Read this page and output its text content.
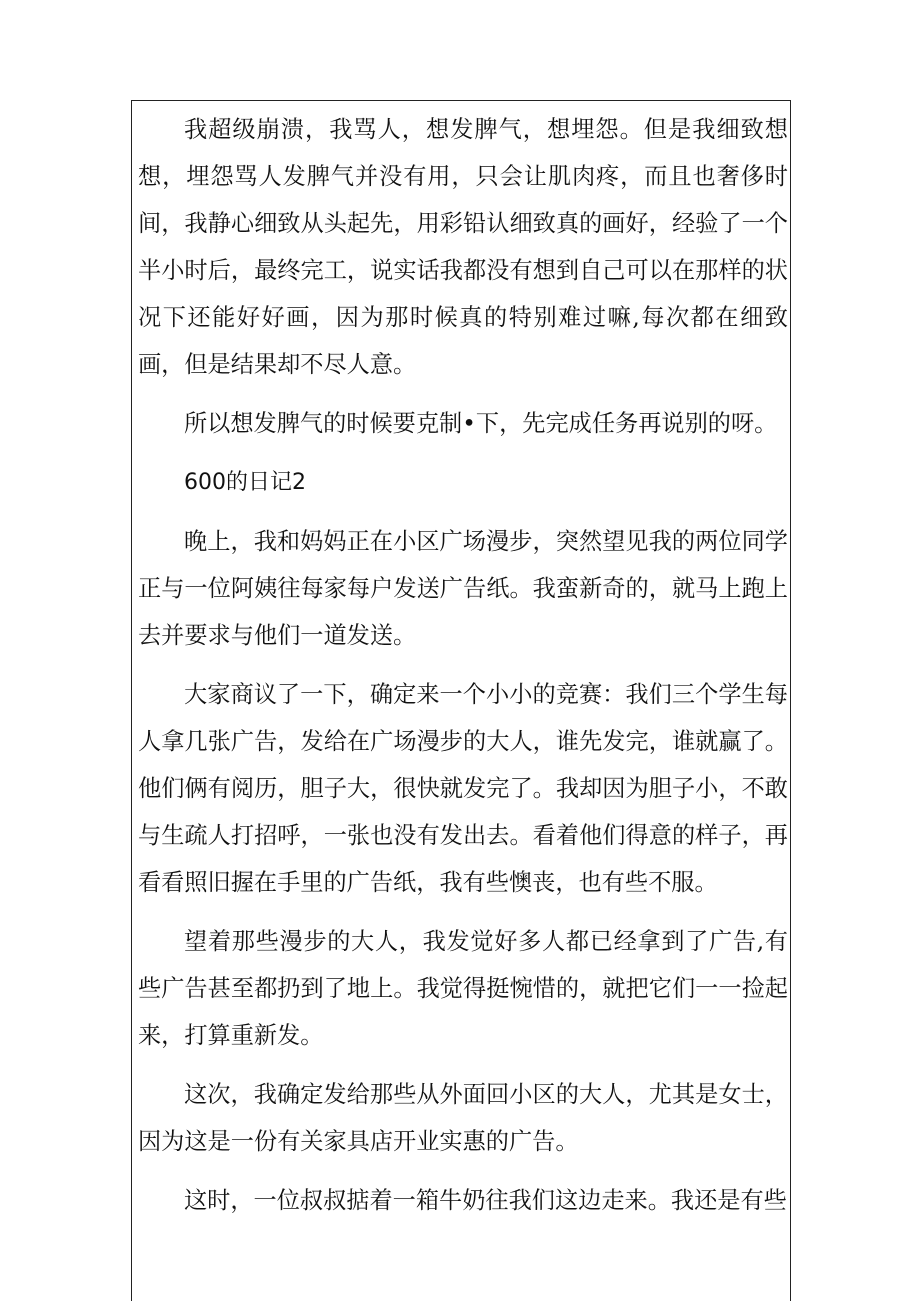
我超级崩溃，我骂人，想发脾气，想埋怨。但是我细致想想，埋怨骂人发脾气并没有用，只会让肌肉疼，而且也奢侈时间，我静心细致从头起先，用彩铅认细致真的画好，经验了一个半小时后，最终完工，说实话我都没有想到自己可以在那样的状况下还能好好画，因为那时候真的特别难过嘛,每次都在细致画，但是结果却不尽人意。

所以想发脾气的时候要克制•下，先完成任务再说别的呀。

600的日记2

晚上，我和妈妈正在小区广场漫步，突然望见我的两位同学正与一位阿姨往每家每户发送广告纸。我蛮新奇的，就马上跑上去并要求与他们一道发送。

大家商议了一下，确定来一个小小的竞赛：我们三个学生每人拿几张广告，发给在广场漫步的大人，谁先发完，谁就赢了。他们俩有阅历，胆子大，很快就发完了。我却因为胆子小，不敢与生疏人打招呼，一张也没有发出去。看着他们得意的样子，再看看照旧握在手里的广告纸，我有些懊丧，也有些不服。

望着那些漫步的大人，我发觉好多人都已经拿到了广告,有些广告甚至都扔到了地上。我觉得挺惋惜的，就把它们一一捡起来，打算重新发。

这次，我确定发给那些从外面回小区的大人，尤其是女士，因为这是一份有关家具店开业实惠的广告。

这时，一位叔叔掂着一箱牛奶往我们这边走来。我还是有些
